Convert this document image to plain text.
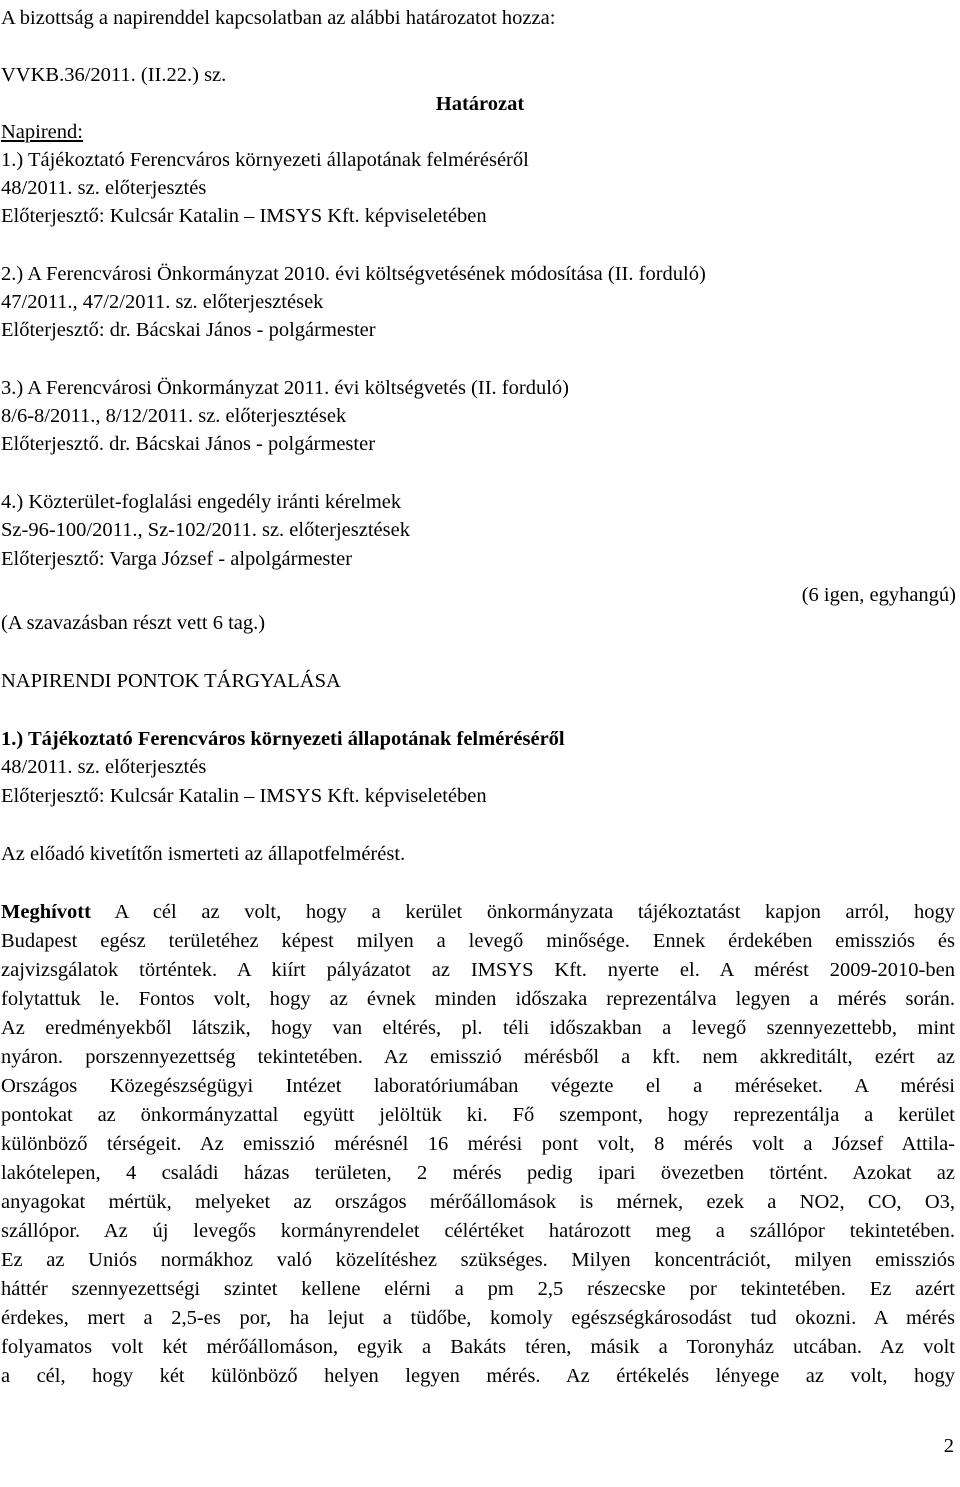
A bizottság a napirenddel kapcsolatban az alábbi határozatot hozza:
VVKB.36/2011. (II.22.) sz.
Határozat
Napirend:
1.) Tájékoztató Ferencváros környezeti állapotának felméréséről
48/2011. sz. előterjesztés
Előterjesztő: Kulcsár Katalin – IMSYS Kft. képviseletében
2.) A Ferencvárosi Önkormányzat 2010. évi költségvetésének módosítása (II. forduló)
47/2011., 47/2/2011. sz. előterjesztések
Előterjesztő: dr. Bácskai János - polgármester
3.) A Ferencvárosi Önkormányzat 2011. évi költségvetés (II. forduló)
8/6-8/2011., 8/12/2011. sz. előterjesztések
Előterjesztő. dr. Bácskai János - polgármester
4.) Közterület-foglalási engedély iránti kérelmek
Sz-96-100/2011., Sz-102/2011. sz. előterjesztések
Előterjesztő: Varga József - alpolgármester
(6 igen, egyhangú)
(A szavazásban részt vett 6 tag.)
NAPIRENDI PONTOK TÁRGYALÁSA
1.) Tájékoztató Ferencváros környezeti állapotának felméréséről
48/2011. sz. előterjesztés
Előterjesztő: Kulcsár Katalin – IMSYS Kft. képviseletében
Az előadó kivetítőn ismerteti az állapotfelmérést.
Meghívott A cél az volt, hogy a kerület önkormányzata tájékoztatást kapjon arról, hogy
Budapest egész területéhez képest milyen a levegő minősége. Ennek érdekében emissziós és
zajvizsgálatok történtek. A kiírt pályázatot az IMSYS Kft. nyerte el. A mérést 2009-2010-ben
folytattuk le. Fontos volt, hogy az évnek minden időszaka reprezentálva legyen a mérés során.
Az eredményekből látszik, hogy van eltérés, pl. téli időszakban a levegő szennyezettebb, mint
nyáron. porszennyezettség tekintetében. Az emisszió mérésből a kft. nem akkreditált, ezért az
Országos Közegészségügyi Intézet laboratóriumában végezte el a méréseket. A mérési
pontokat az önkormányzattal együtt jelöltük ki. Fő szempont, hogy reprezentálja a kerület
különböző térségeit. Az emisszió mérésnél 16 mérési pont volt, 8 mérés volt a József Attila-
lakótelepen, 4 családi házas területen, 2 mérés pedig ipari övezetben történt. Azokat az
anyagokat mértük, melyeket az országos mérőállomások is mérnek, ezek a NO2, CO, O3,
szállópor. Az új levegős kormányrendelet célértéket határozott meg a szállópor tekintetében.
Ez az Uniós normákhoz való közelítéshez szükséges. Milyen koncentrációt, milyen emissziós
háttér szennyezettségi szintet kellene elérni a pm 2,5 részecske por tekintetében. Ez azért
érdekes, mert a 2,5-es por, ha lejut a tüdőbe, komoly egészségkárosodást tud okozni. A mérés
folyamatos volt két mérőállomáson, egyik a Bakáts téren, másik a Toronyház utcában. Az volt
a cél, hogy két különböző helyen legyen mérés. Az értékelés lényege az volt, hogy
2
